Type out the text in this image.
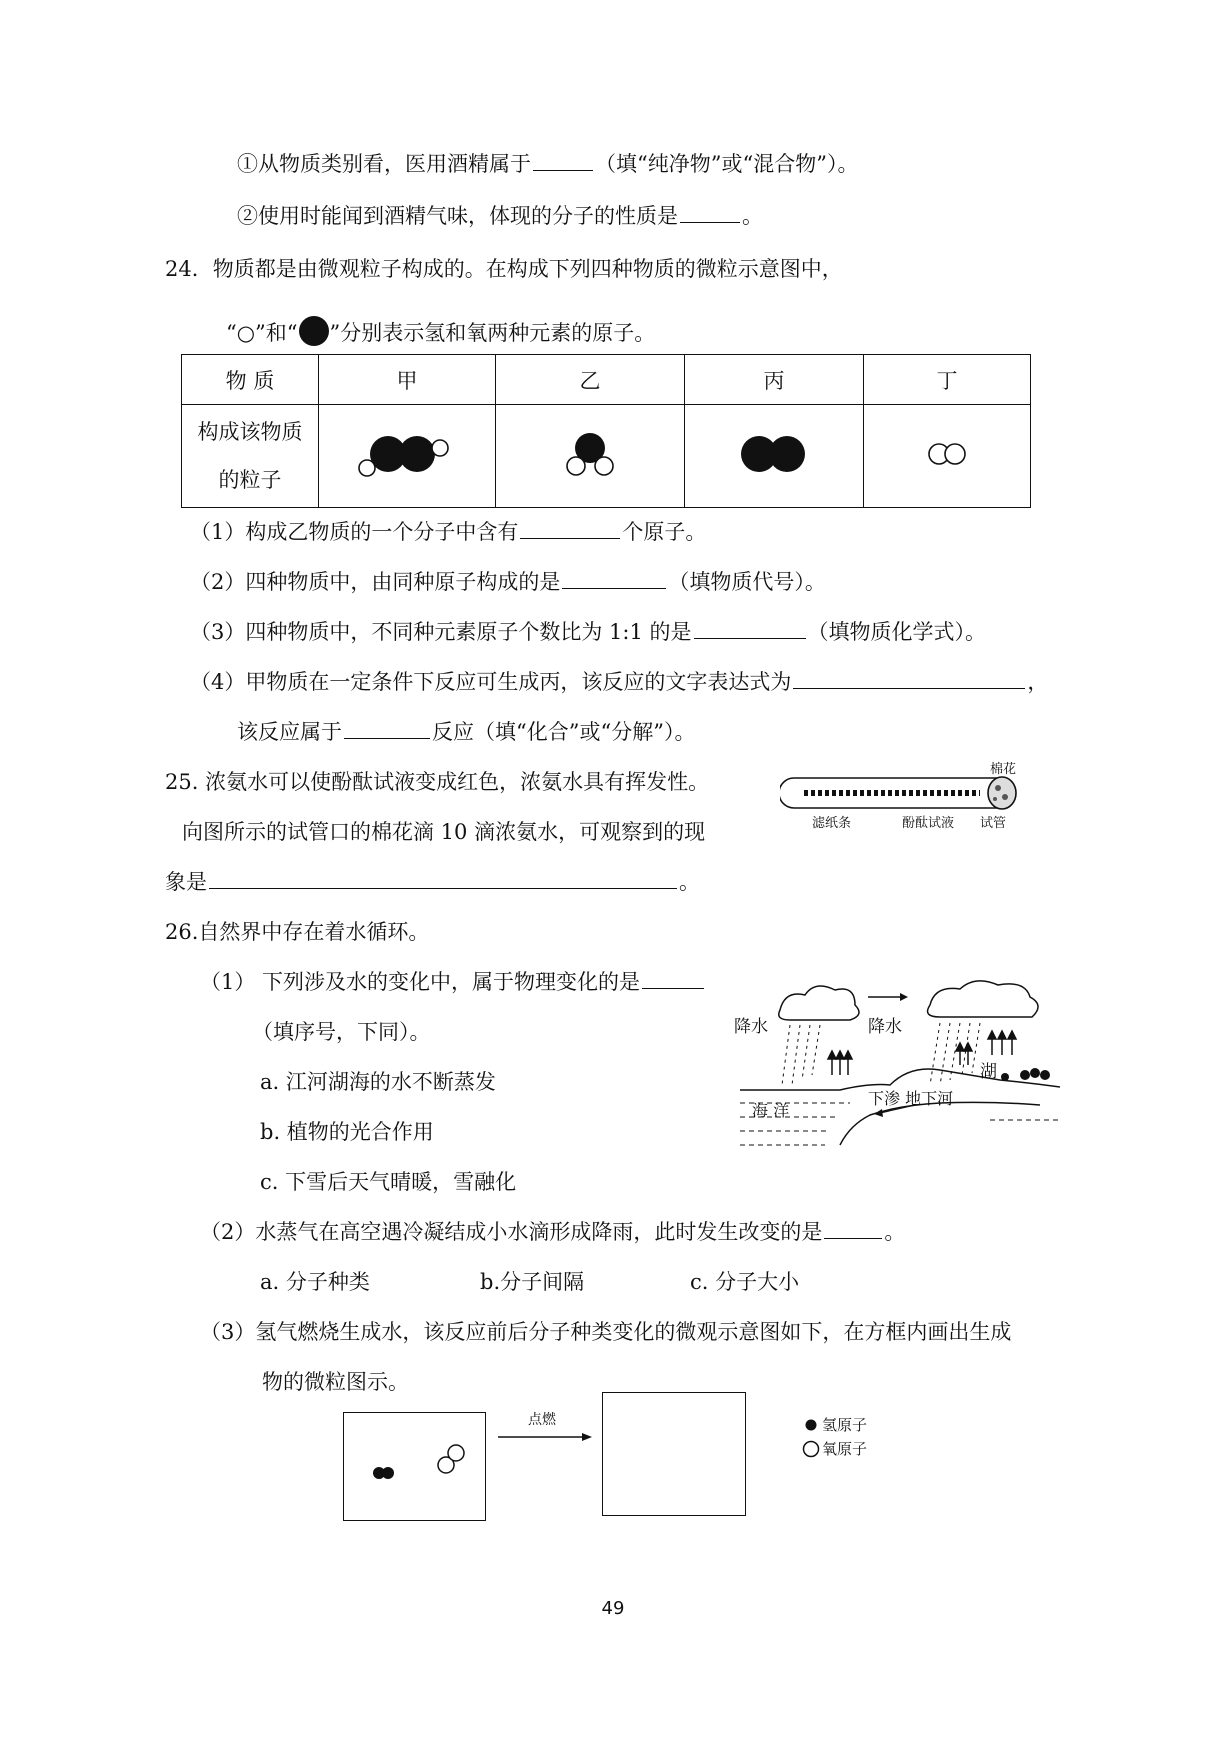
①从物质类别看，医用酒精属于	（填“纯净物”或“混合物”）。
②使用时能闻到酒精气味，体现的分子的性质是	。
24．物质都是由微观粒子构成的。在构成下列四种物质的微粒示意图中，
“○”和“ ”分别表示氢和氧两种元素的原子。
物 质	甲	乙	丙	丁

构成该物质
的粒子

（1）构成乙物质的一个分子中含有	个原子。
（2）四种物质中，由同种原子构成的是	（填物质代号）。
（3）四种物质中，不同种元素原子个数比为 1:1 的是	（填物质化学式）。
（4）甲物质在一定条件下反应可生成丙，该反应的文字表达式为	，
该反应属于	反应（填“化合”或“分解”）。
25. 浓氨水可以使酚酞试液变成红色，浓氨水具有挥发性。
向图所示的试管口的棉花滴 10 滴浓氨水，可观察到的现
象是	。
棉花
滤纸条	酚酞试液 试管
26.自然界中存在着水循环。
（1） 下列涉及水的变化中，属于物理变化的是
（填序号，下同）。
a. 江河湖海的水不断蒸发
b. 植物的光合作用
c. 下雪后天气晴暖，雪融化
降水	降水
湖
海 洋
下渗 地下河
（2）水蒸气在高空遇冷凝结成小水滴形成降雨，此时发生改变的是	。
a. 分子种类	b.分子间隔	c. 分子大小
（3）氢气燃烧生成水，该反应前后分子种类变化的微观示意图如下，在方框内画出生成
物的微粒图示。
点燃	氢原子
氧原子
49
